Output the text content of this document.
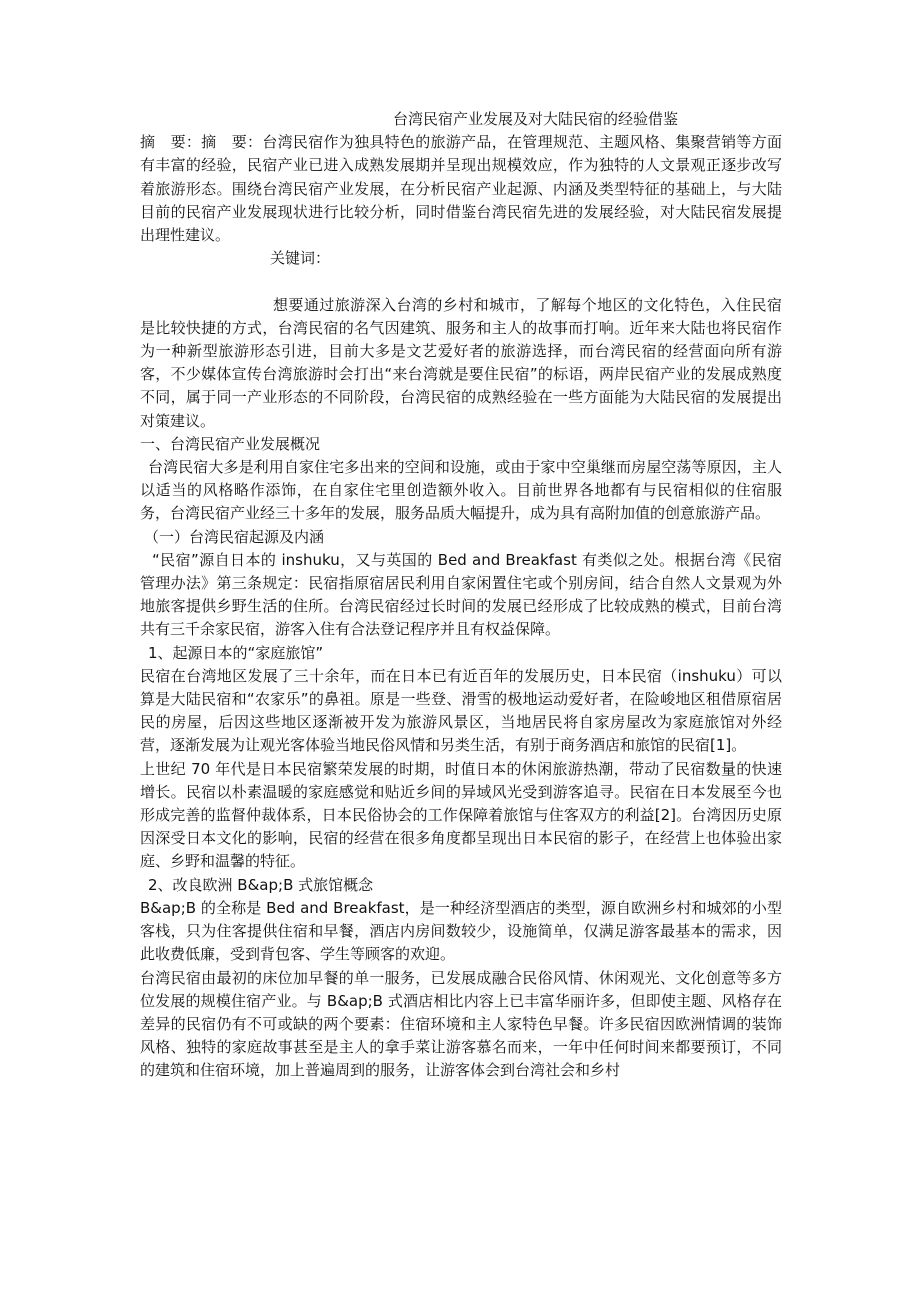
台湾民宿产业发展及对大陆民宿的经验借鉴

摘　要：摘　要：台湾民宿作为独具特色的旅游产品，在管理规范、主题风格、集聚营销等方面有丰富的经验，民宿产业已进入成熟发展期并呈现出规模效应，作为独特的人文景观正逐步改写着旅游形态。围绕台湾民宿产业发展，在分析民宿产业起源、内涵及类型特征的基础上，与大陆目前的民宿产业发展现状进行比较分析，同时借鉴台湾民宿先进的发展经验，对大陆民宿发展提出理性建议。

关键词：

想要通过旅游深入台湾的乡村和城市，了解每个地区的文化特色，入住民宿是比较快捷的方式，台湾民宿的名气因建筑、服务和主人的故事而打响。近年来大陆也将民宿作为一种新型旅游形态引进，目前大多是文艺爱好者的旅游选择，而台湾民宿的经营面向所有游客，不少媒体宣传台湾旅游时会打出“来台湾就是要住民宿”的标语，两岸民宿产业的发展成熟度不同，属于同一产业形态的不同阶段，台湾民宿的成熟经验在一些方面能为大陆民宿的发展提出对策建议。

一、台湾民宿产业发展概况

台湾民宿大多是利用自家住宅多出来的空间和设施，或由于家中空巢继而房屋空荡等原因，主人以适当的风格略作添饰，在自家住宅里创造额外收入。目前世界各地都有与民宿相似的住宿服务，台湾民宿产业经三十多年的发展，服务品质大幅提升，成为具有高附加值的创意旅游产品。

（一）台湾民宿起源及内涵

“民宿”源自日本的 inshuku，又与英国的 Bed and Breakfast 有类似之处。根据台湾《民宿管理办法》第三条规定：民宿指原宿居民利用自家闲置住宅或个别房间，结合自然人文景观为外地旅客提供乡野生活的住所。台湾民宿经过长时间的发展已经形成了比较成熟的模式，目前台湾共有三千余家民宿，游客入住有合法登记程序并且有权益保障。

1、起源日本的“家庭旅馆”

民宿在台湾地区发展了三十余年，而在日本已有近百年的发展历史，日本民宿（inshuku）可以算是大陆民宿和“农家乐”的鼻祖。原是一些登、滑雪的极地运动爱好者，在险峻地区租借原宿居民的房屋，后因这些地区逐渐被开发为旅游风景区，当地居民将自家房屋改为家庭旅馆对外经营，逐渐发展为让观光客体验当地民俗风情和另类生活，有别于商务酒店和旅馆的民宿[1]。

上世纪 70 年代是日本民宿繁荣发展的时期，时值日本的休闲旅游热潮，带动了民宿数量的快速增长。民宿以朴素温暖的家庭感觉和贴近乡间的异域风光受到游客追寻。民宿在日本发展至今也形成完善的监督仲裁体系，日本民俗协会的工作保障着旅馆与住客双方的利益[2]。台湾因历史原因深受日本文化的影响，民宿的经营在很多角度都呈现出日本民宿的影子，在经营上也体验出家庭、乡野和温馨的特征。

2、改良欧洲 B&ap;B 式旅馆概念

B&ap;B 的全称是 Bed and Breakfast，是一种经济型酒店的类型，源自欧洲乡村和城郊的小型客栈，只为住客提供住宿和早餐，酒店内房间数较少，设施简单，仅满足游客最基本的需求，因此收费低廉，受到背包客、学生等顾客的欢迎。

台湾民宿由最初的床位加早餐的单一服务，已发展成融合民俗风情、休闲观光、文化创意等多方位发展的规模住宿产业。与 B&ap;B 式酒店相比内容上已丰富华丽许多，但即使主题、风格存在差异的民宿仍有不可或缺的两个要素：住宿环境和主人家特色早餐。许多民宿因欧洲情调的装饰风格、独特的家庭故事甚至是主人的拿手菜让游客慕名而来，一年中任何时间来都要预订，不同的建筑和住宿环境，加上普遍周到的服务，让游客体会到台湾社会和乡村
